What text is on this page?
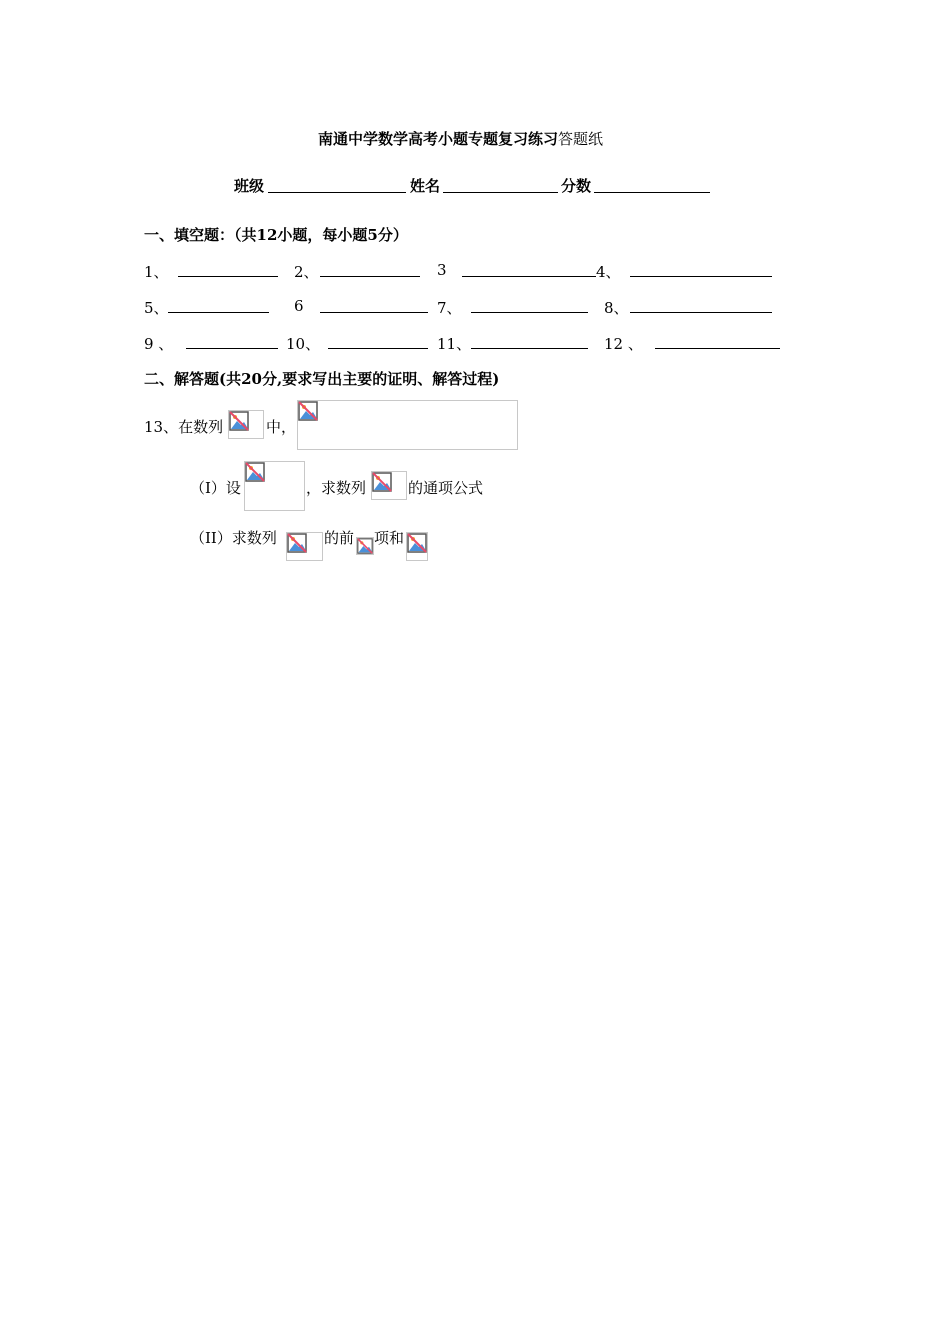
南通中学数学高考小题专题复习练习答题纸
班级	姓名	分数
一、填空题：（共12小题，每小题5分）
1、	2、	3	4、
5、	6	7、	8、
9 、	10、	11、	12 、
二、解答题(共20分,要求写出主要的证明、解答过程)
13、在数列	中，
（I）设	，求数列	的通项公式
（II）求数列	的前 项和
